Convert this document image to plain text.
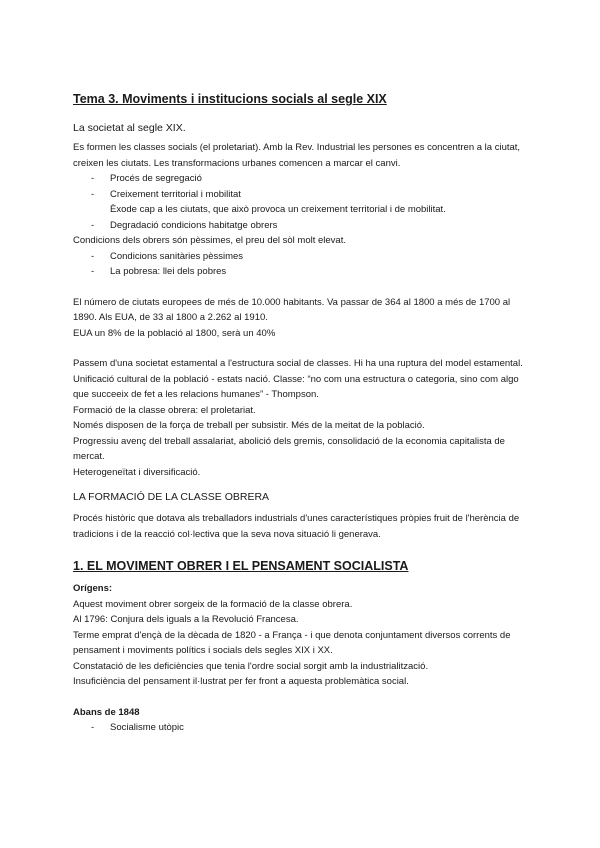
Tema 3. Moviments i institucions socials al segle XIX
La societat al segle XIX.

Es formen les classes socials (el proletariat). Amb la Rev. Industrial les persones es concentren a la ciutat, creixen les ciutats. Les transformacions urbanes comencen a marcar el canvi.

- Procés de segregació
- Creixement territorial i mobilitat

Èxode cap a les ciutats, que això provoca un creixement territorial i de mobilitat.

- Degradació condicions habitatge obrers

Condicions dels obrers són pèssimes, el preu del sòl molt elevat.

- Condicions sanitàries pèssimes
- La pobresa: llei dels pobres

El número de ciutats europees de més de 10.000 habitants. Va passar de 364 al 1800 a més de 1700 al 1890. Als EUA, de 33 al 1800 a 2.262 al 1910.

EUA un 8% de la població al 1800, serà un 40%

Passem d'una societat estamental a l'estructura social de classes. Hi ha una ruptura del model estamental.

Unificació cultural de la població - estats nació. Classe: “no com una estructura o categoria, sino com algo que succeeix de fet a les relacions humanes” - Thompson.

Formació de la classe obrera: el proletariat.

Només disposen de la força de treball per subsistir. Més de la meitat de la població.

Progressiu avenç del treball assalariat, abolició dels gremis, consolidació de la economia capitalista de mercat.

Heterogeneïtat i diversificació.

LA FORMACIÓ DE LA CLASSE OBRERA

Procés històric que dotava als treballadors industrials d'unes característiques pròpies fruit de l'herència de tradicions i de la reacció col·lectiva que la seva nova situació li generava.

1. EL MOVIMENT OBRER I EL PENSAMENT SOCIALISTA

Orígens:

Aquest moviment obrer sorgeix de la formació de la classe obrera.

Al 1796: Conjura dels iguals a la Revolució Francesa.

Terme emprat d'ençà de la dècada de 1820 - a França - i que denota conjuntament diversos corrents de pensament i moviments polítics i socials dels segles XIX i XX.

Constatació de les deficiències que tenia l'ordre social sorgit amb la industrialització.

Insuficiència del pensament il·lustrat per fer front a aquesta problemàtica social.

Abans de 1848

- Socialisme utòpic
